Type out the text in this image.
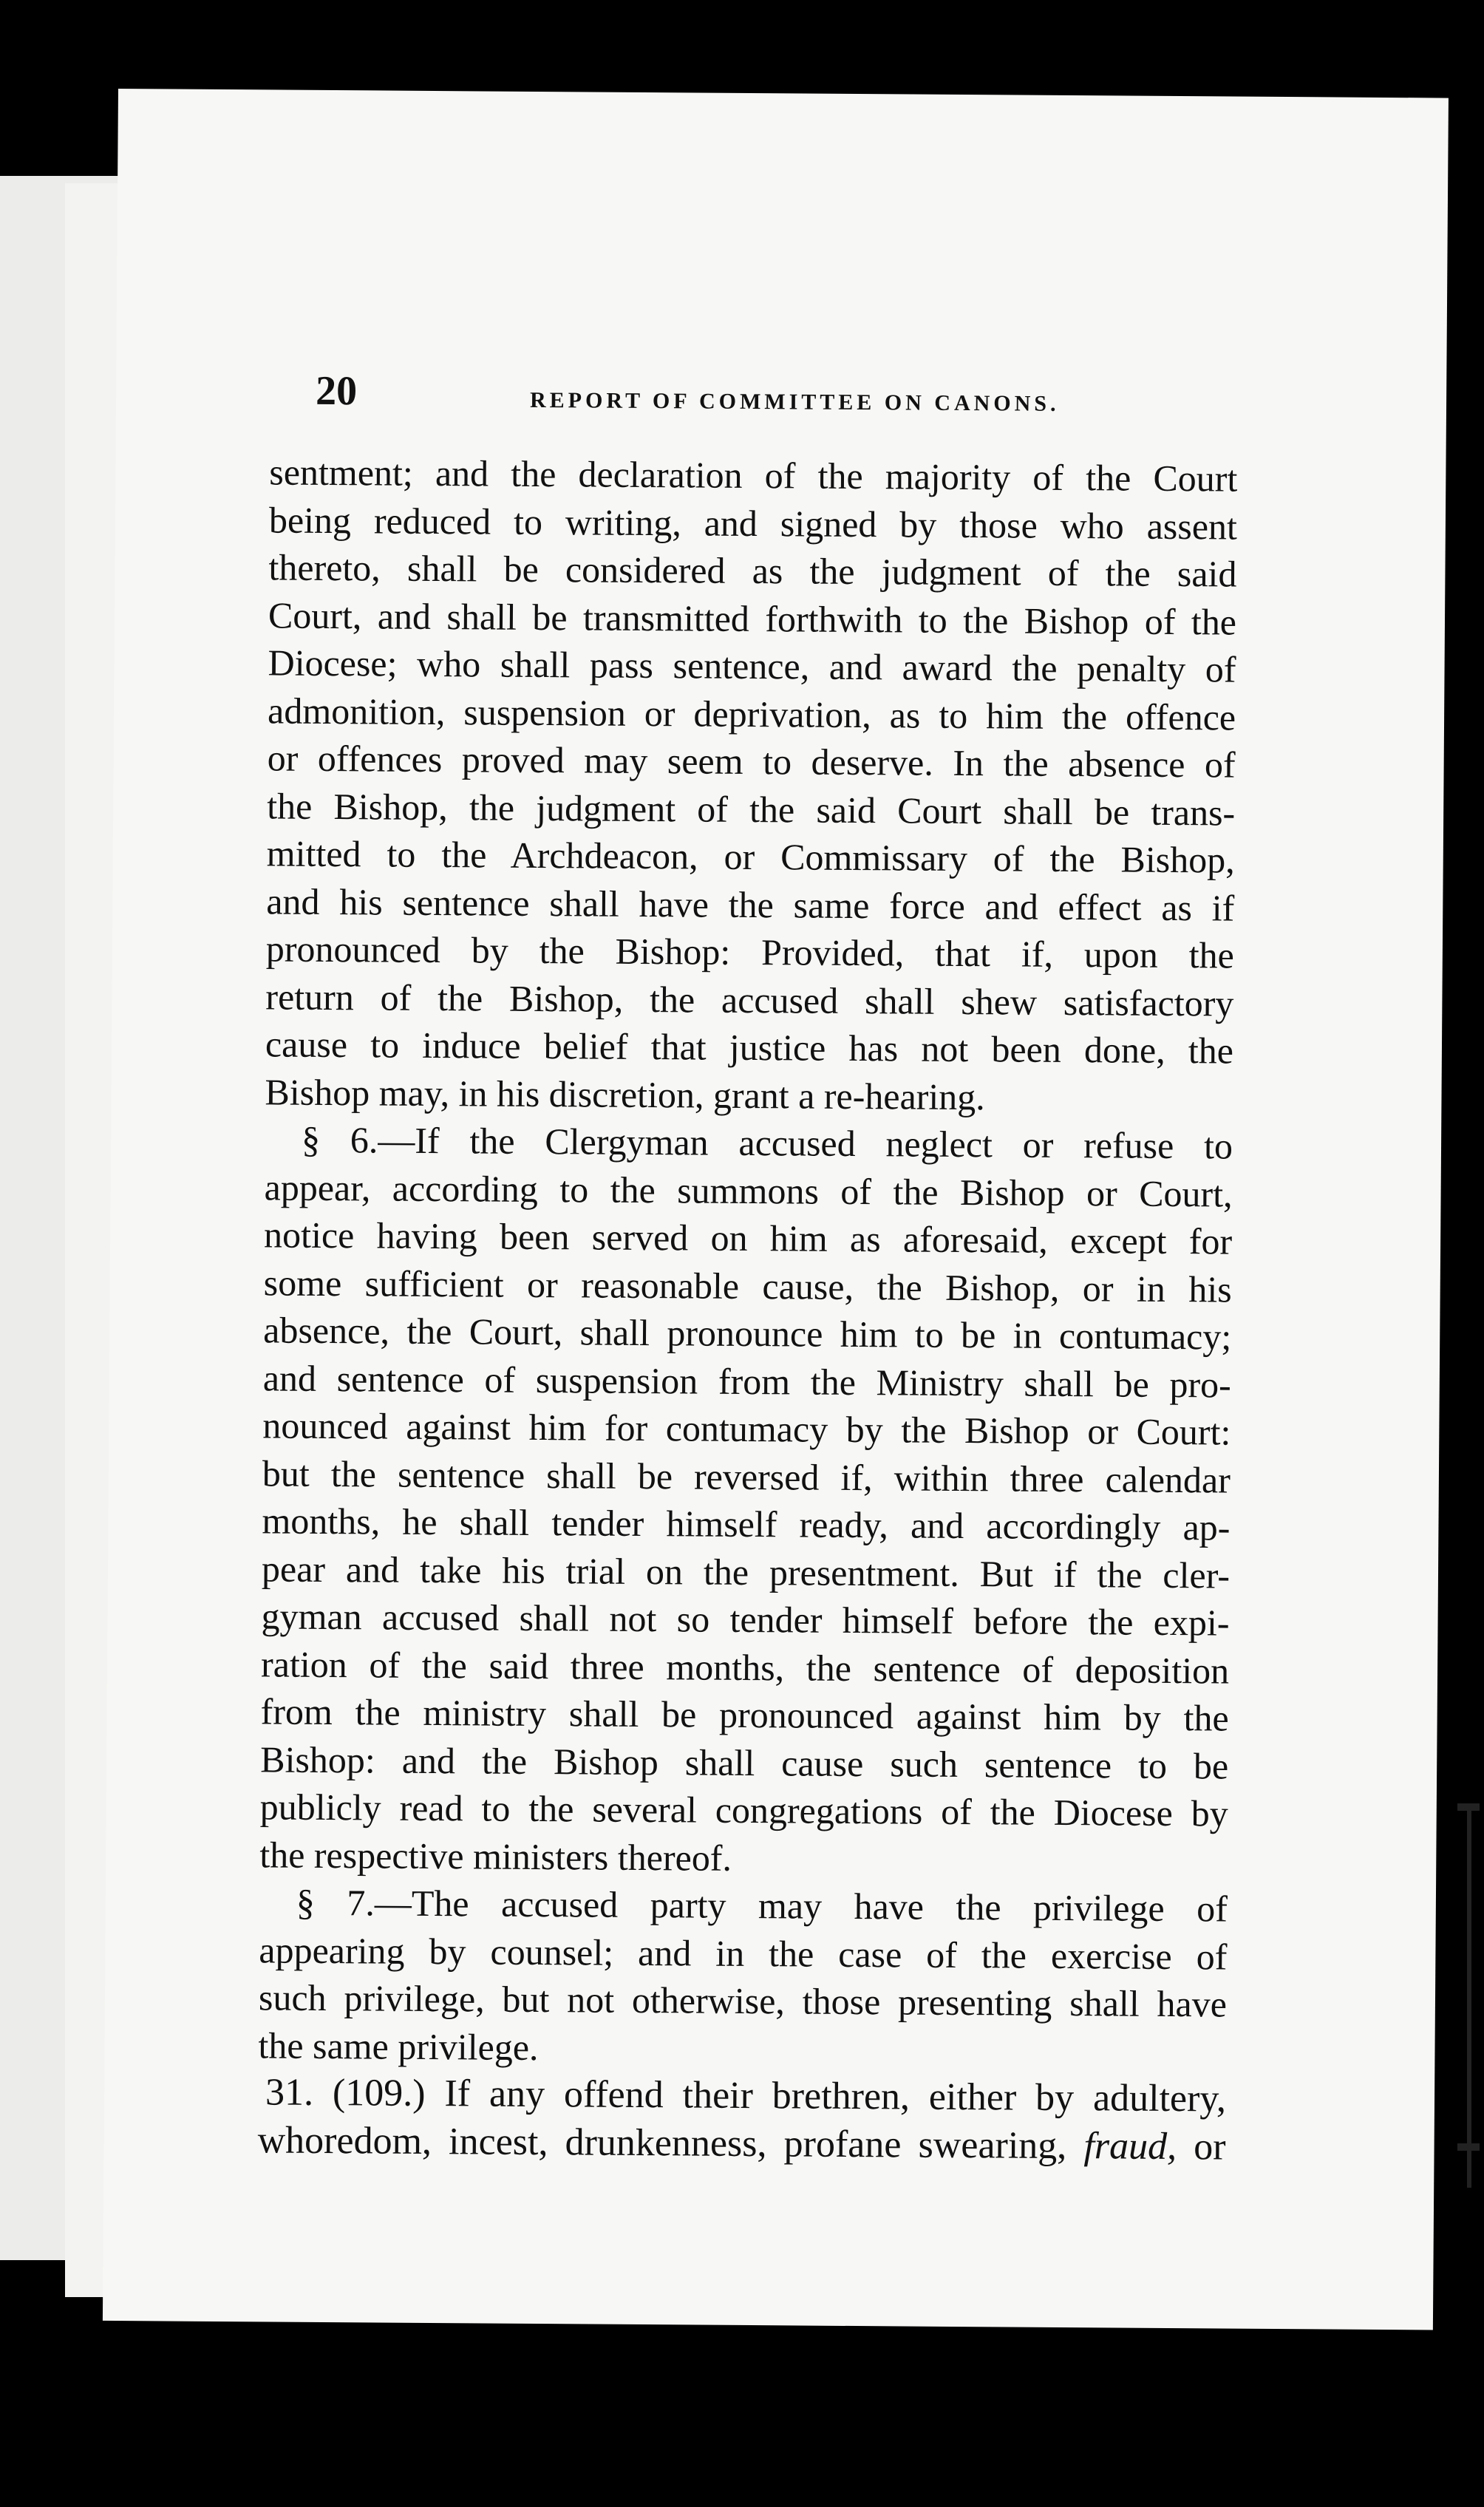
20	REPORT OF COMMITTEE ON CANONS.
sentment; and the declaration of the majority of the Court
being reduced to writing, and signed by those who assent
thereto, shall be considered as the judgment of the said
Court, and shall be transmitted forthwith to the Bishop of the
Diocese; who shall pass sentence, and award the penalty of
admonition, suspension or deprivation, as to him the offence
or offences proved may seem to deserve. In the absence of
the Bishop, the judgment of the said Court shall be trans-
mitted to the Archdeacon, or Commissary of the Bishop,
and his sentence shall have the same force and effect as if
pronounced by the Bishop: Provided, that if, upon the
return of the Bishop, the accused shall shew satisfactory
cause to induce belief that justice has not been done, the
Bishop may, in his discretion, grant a re-hearing.
§ 6.—If the Clergyman accused neglect or refuse to
appear, according to the summons of the Bishop or Court,
notice having been served on him as aforesaid, except for
some sufficient or reasonable cause, the Bishop, or in his
absence, the Court, shall pronounce him to be in contumacy;
and sentence of suspension from the Ministry shall be pro-
nounced against him for contumacy by the Bishop or Court:
but the sentence shall be reversed if, within three calendar
months, he shall tender himself ready, and accordingly ap-
pear and take his trial on the presentment. But if the cler-
gyman accused shall not so tender himself before the expi-
ration of the said three months, the sentence of deposition
from the ministry shall be pronounced against him by the
Bishop: and the Bishop shall cause such sentence to be
publicly read to the several congregations of the Diocese by
the respective ministers thereof.
§ 7.—The accused party may have the privilege of
appearing by counsel; and in the case of the exercise of
such privilege, but not otherwise, those presenting shall have
the same privilege.
31. (109.) If any offend their brethren, either by adultery,
whoredom, incest, drunkenness, profane swearing, fraud, or
